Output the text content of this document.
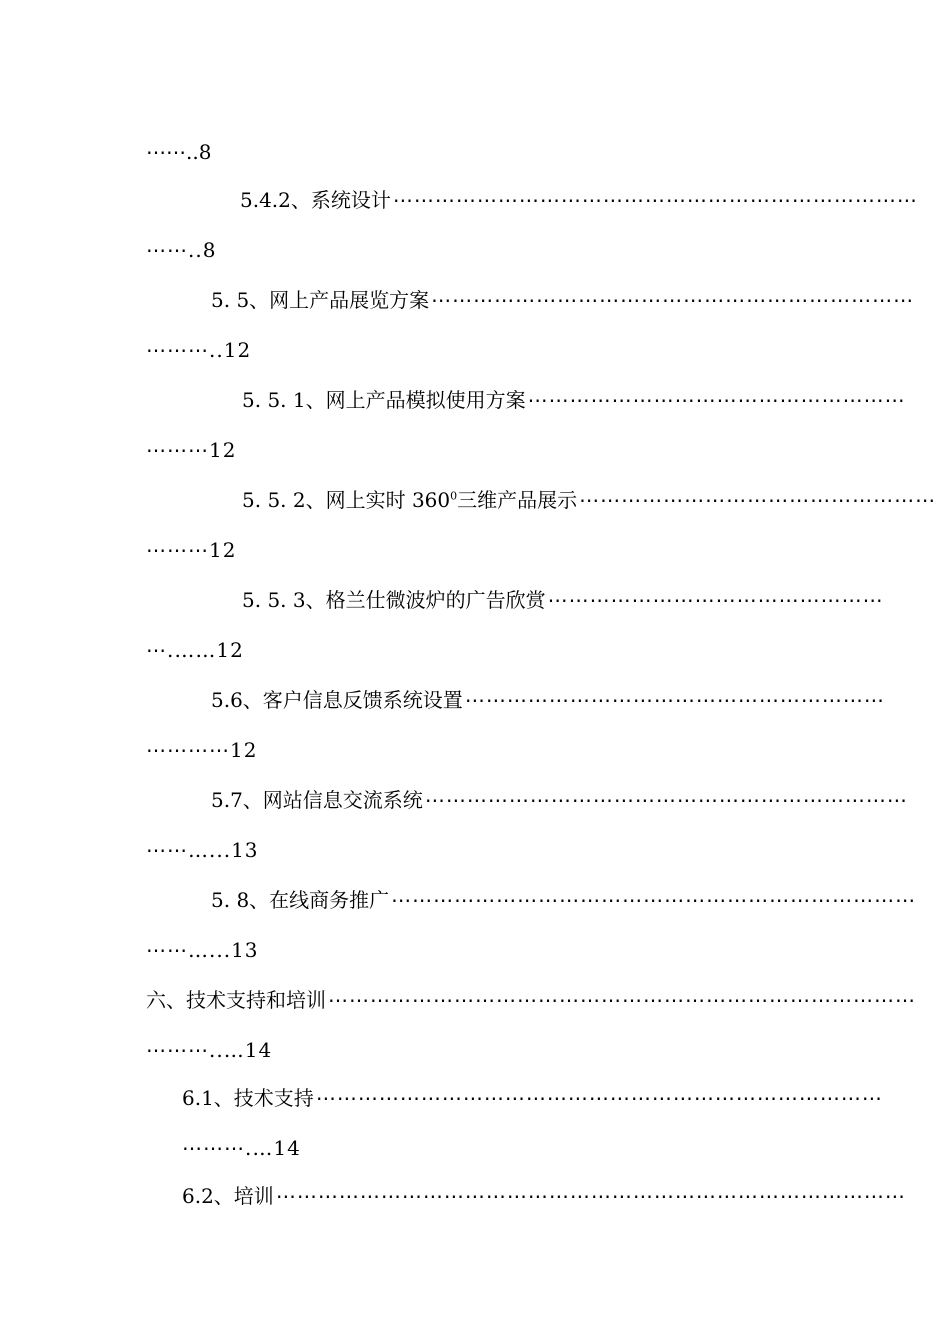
⋯⋯..8
5.4.2、系统设计 ⋯⋯⋯⋯⋯⋯⋯⋯⋯⋯⋯⋯⋯⋯⋯⋯⋯⋯⋯⋯⋯⋯⋯⋯⋯
⋯⋯..8
5. 5、网上产品展览方案 ⋯⋯⋯⋯⋯⋯⋯⋯⋯⋯⋯⋯⋯⋯⋯⋯⋯⋯⋯⋯⋯⋯⋯
⋯⋯⋯..12
5. 5. 1、网上产品模拟使用方案 ⋯⋯⋯⋯⋯⋯⋯⋯⋯⋯⋯⋯⋯⋯⋯⋯⋯⋯
⋯⋯⋯12
5. 5. 2、网上实时 $360^0$三维产品展示 ⋯⋯⋯⋯⋯⋯⋯⋯⋯⋯⋯⋯⋯⋯⋯⋯⋯
⋯⋯⋯12
5. 5. 3、格兰仕微波炉的广告欣赏 ⋯⋯⋯⋯⋯⋯⋯⋯⋯⋯⋯⋯⋯⋯⋯⋯
⋯.……12
5.6、客户信息反馈系统设置 ⋯⋯⋯⋯⋯⋯⋯⋯⋯⋯⋯⋯⋯⋯⋯⋯⋯⋯⋯⋯
⋯⋯⋯⋯12
5.7、网站信息交流系统 ⋯⋯⋯⋯⋯⋯⋯⋯⋯⋯⋯⋯⋯⋯⋯⋯⋯⋯⋯⋯⋯⋯⋯
⋯⋯…...13
5. 8、在线商务推广 ⋯⋯⋯⋯⋯⋯⋯⋯⋯⋯⋯⋯⋯⋯⋯⋯⋯⋯⋯⋯⋯⋯⋯⋯⋯
⋯⋯…...13
六、技术支持和培训 ⋯⋯⋯⋯⋯⋯⋯⋯⋯⋯⋯⋯⋯⋯⋯⋯⋯⋯⋯⋯⋯⋯⋯⋯⋯⋯⋯⋯
⋯⋯⋯..…14
6.1、技术支持 ⋯⋯⋯⋯⋯⋯⋯⋯⋯⋯⋯⋯⋯⋯⋯⋯⋯⋯⋯⋯⋯⋯⋯⋯⋯⋯⋯
⋯⋯⋯.…14
6.2、培训 ⋯⋯⋯⋯⋯⋯⋯⋯⋯⋯⋯⋯⋯⋯⋯⋯⋯⋯⋯⋯⋯⋯⋯⋯⋯⋯⋯⋯⋯⋯
